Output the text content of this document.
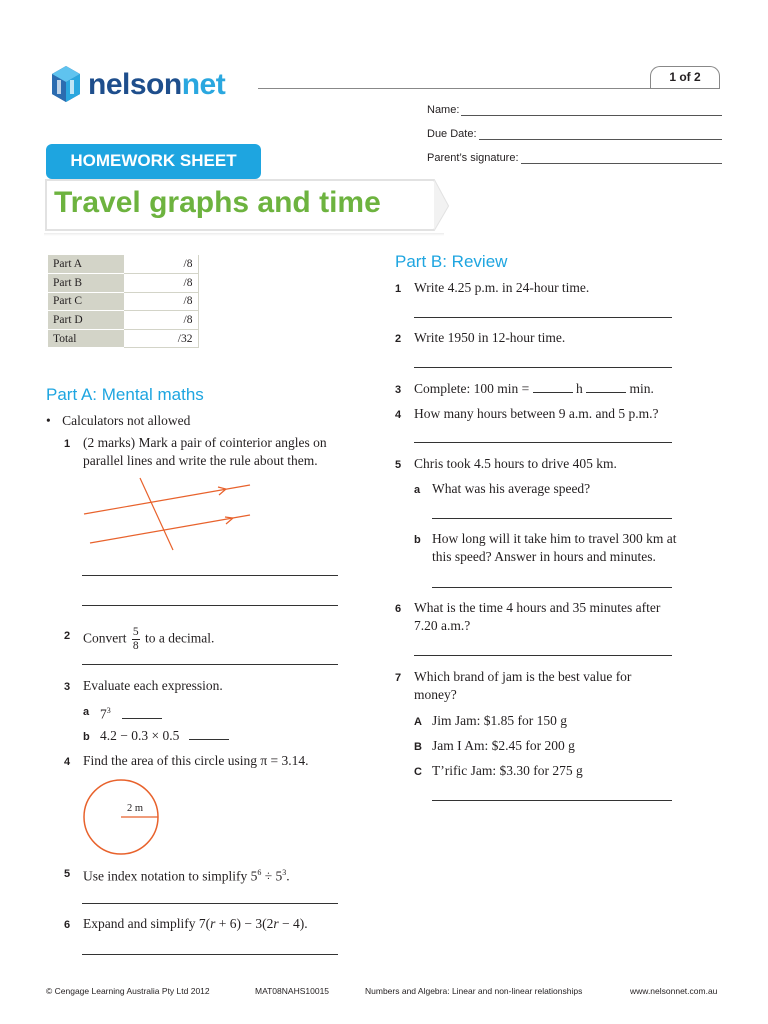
nelsonnet	1 of 2
Name:
Due Date:
Parent’s signature:
Travel graphs and time
HOMEWORK SHEET
Part A	/8
Part B	/8
Part C	/8
Part D	/8
Total	/32
Part A: Mental maths
• Calculators not allowed
1 (2 marks) Mark a pair of cointerior angles on
parallel lines and write the rule about them.
2 Convert $\frac{5}{8}$ to a decimal.
3 Evaluate each expression.
a $7^3$
b 4.2 − 0.3 × 0.5
4 Find the area of this circle using π = 3.14.
2 m
5 Use index notation to simplify $5^6 \div 5^3$.
6 Expand and simplify 7(r + 6) − 3(2r − 4).
Part B: Review
1 Write 4.25 p.m. in 24-hour time.
2 Write 1950 in 12-hour time.
3 Complete: 100 min =	h	min.
4 How many hours between 9 a.m. and 5 p.m.?
5 Chris took 4.5 hours to drive 405 km.
a What was his average speed?
b How long will it take him to travel 300 km at
this speed? Answer in hours and minutes.
6 What is the time 4 hours and 35 minutes after
7.20 a.m.?
7 Which brand of jam is the best value for
money?
A Jim Jam: $1.85 for 150 g
B Jam I Am: $2.45 for 200 g
C T’rific Jam: $3.30 for 275 g
© Cengage Learning Australia Pty Ltd 2012	MAT08NAHS10015	Numbers and Algebra: Linear and non-linear relationships	www.nelsonnet.com.au
